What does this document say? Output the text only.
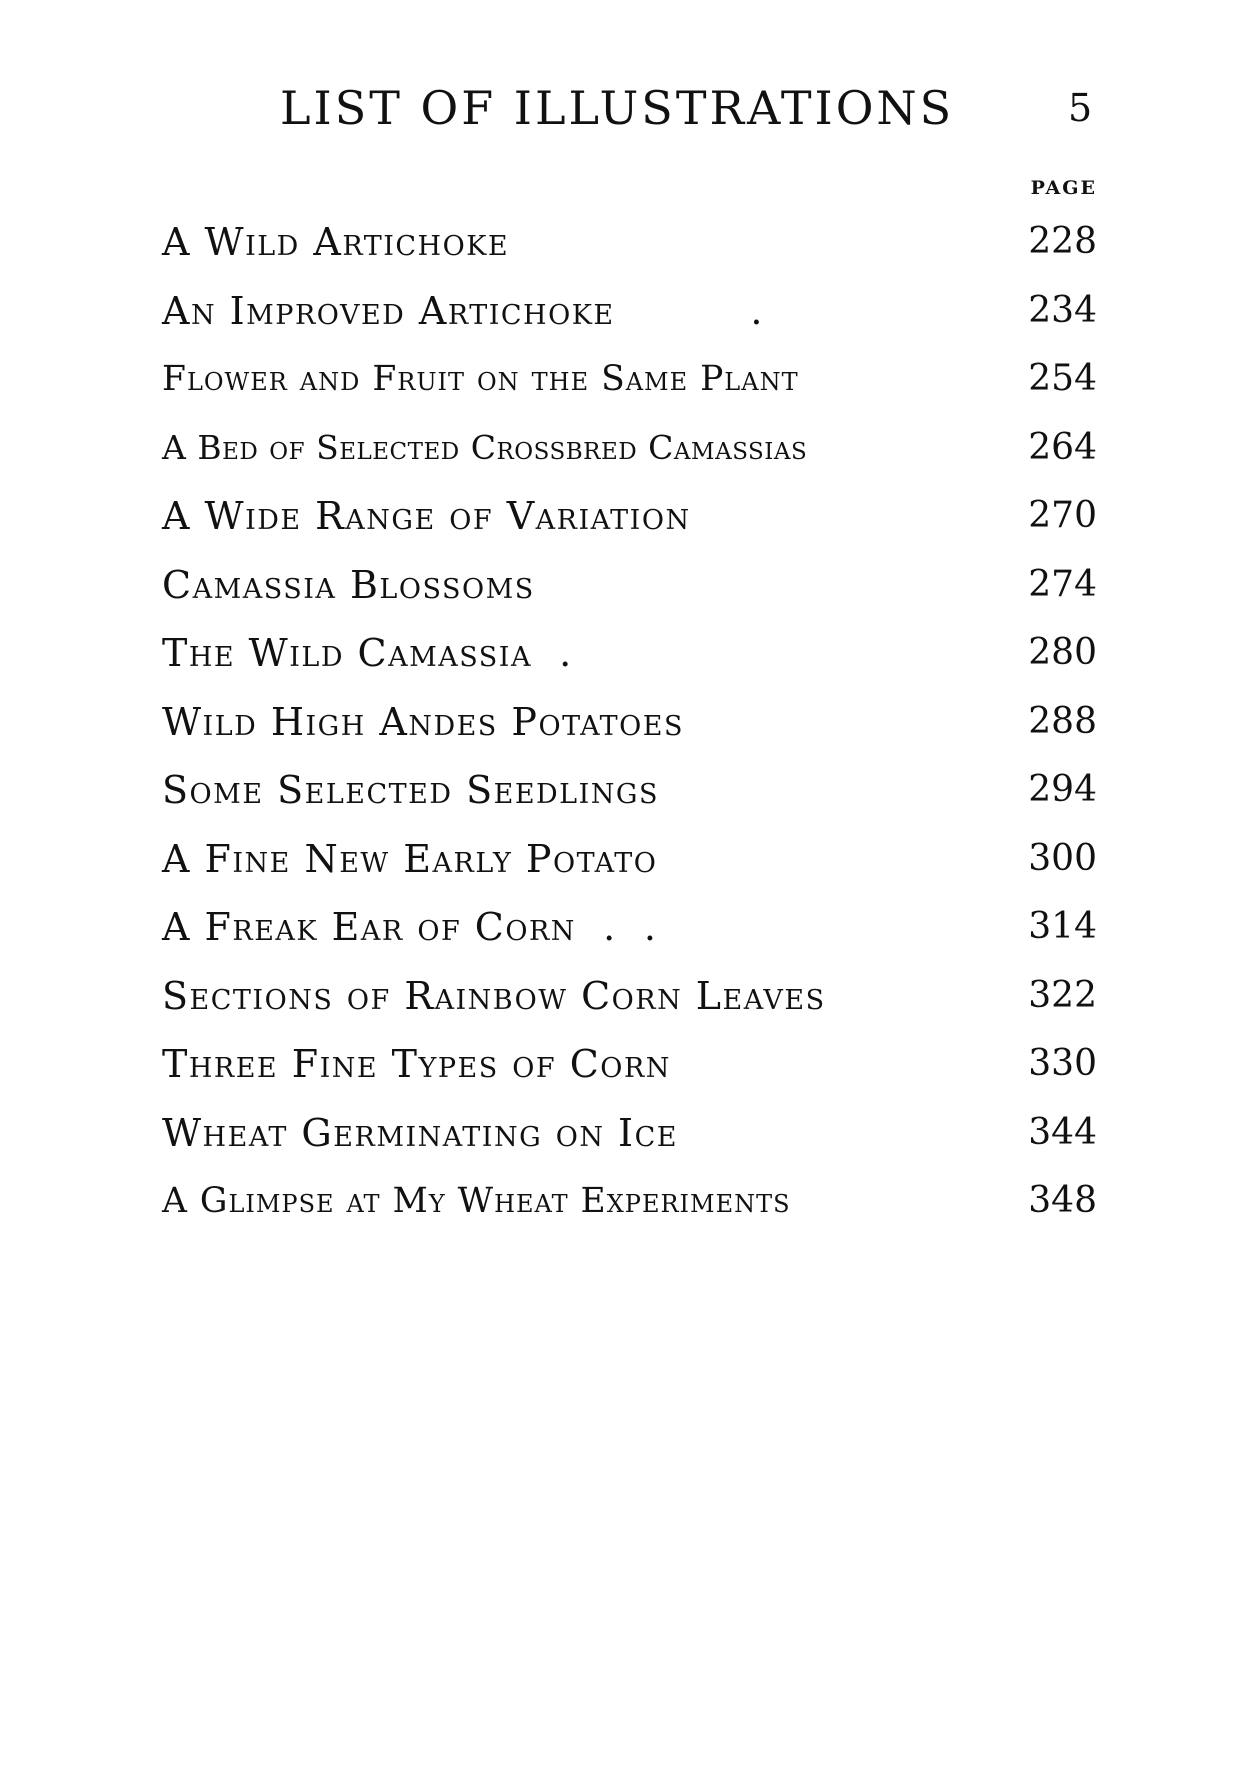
LIST OF ILLUSTRATIONS	5
PAGE
A Wild Artichoke	228
An Improved Artichoke          .	234
Flower and Fruit on the Same Plant	254
A Bed of Selected Crossbred Camassias	264
A Wide Range of Variation	270
Camassia Blossoms	274
The Wild Camassia  .	280
Wild High Andes Potatoes	288
Some Selected Seedlings	294
A Fine New Early Potato	300
A Freak Ear of Corn  .  .	314
Sections of Rainbow Corn Leaves	322
Three Fine Types of Corn	330
Wheat Germinating on Ice	344
A Glimpse at My Wheat Experiments	348
